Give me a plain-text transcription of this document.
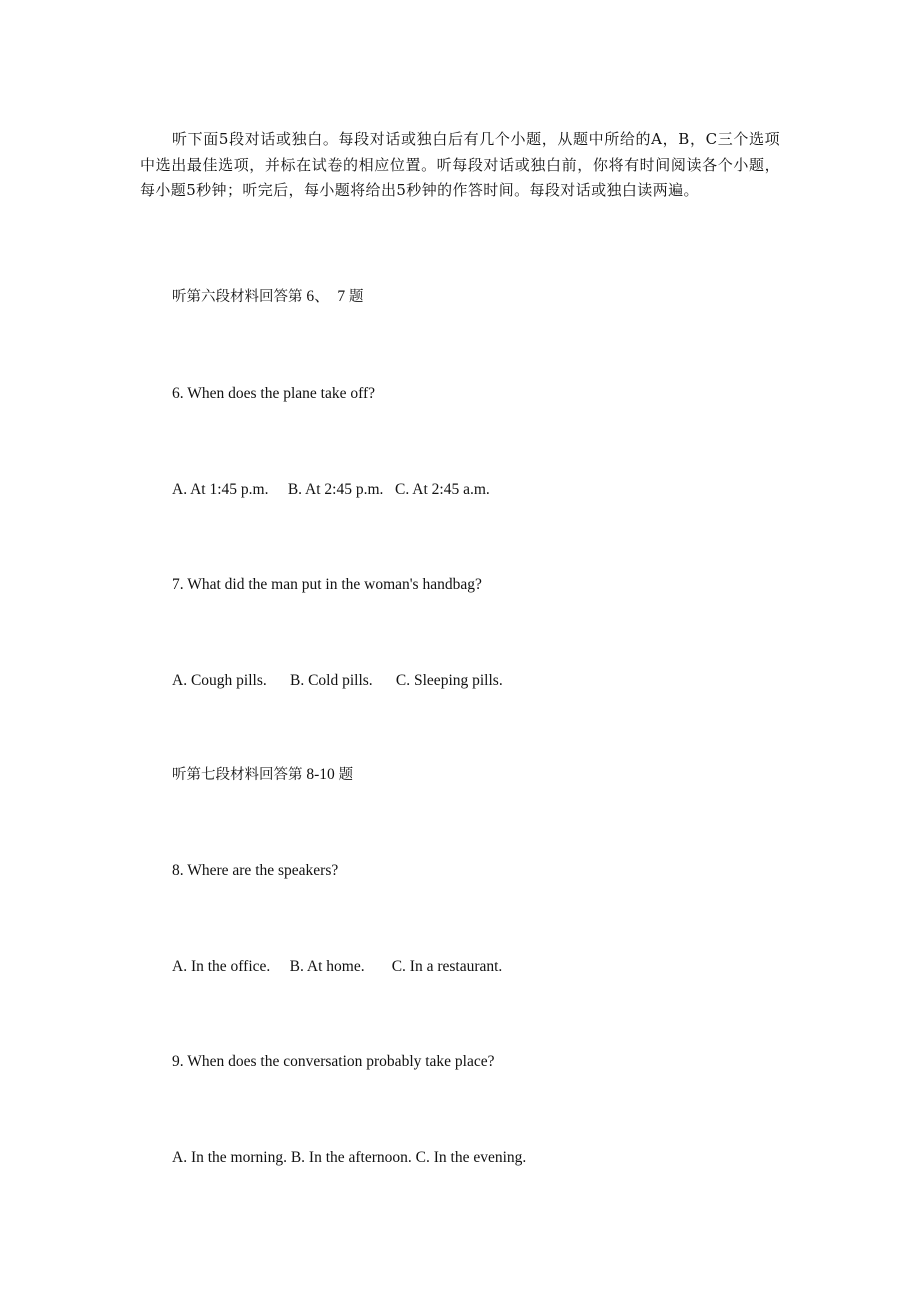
听下面5段对话或独白。每段对话或独白后有几个小题，从题中所给的A，B，C三个选项中选出最佳选项，并标在试卷的相应位置。听每段对话或独白前，你将有时间阅读各个小题，每小题5秒钟；听完后，每小题将给出5秒钟的作答时间。每段对话或独白读两遍。

听第六段材料回答第 6、  7 题
6. When does the plane take off?
A. At 1:45 p.m.     B. At 2:45 p.m.   C. At 2:45 a.m.
7. What did the man put in the woman's handbag?
A. Cough pills.      B. Cold pills.      C. Sleeping pills.
听第七段材料回答第 8-10 题
8. Where are the speakers?
A. In the office.     B. At home.       C. In a restaurant.
9. When does the conversation probably take place?
A. In the morning. B. In the afternoon. C. In the evening.
